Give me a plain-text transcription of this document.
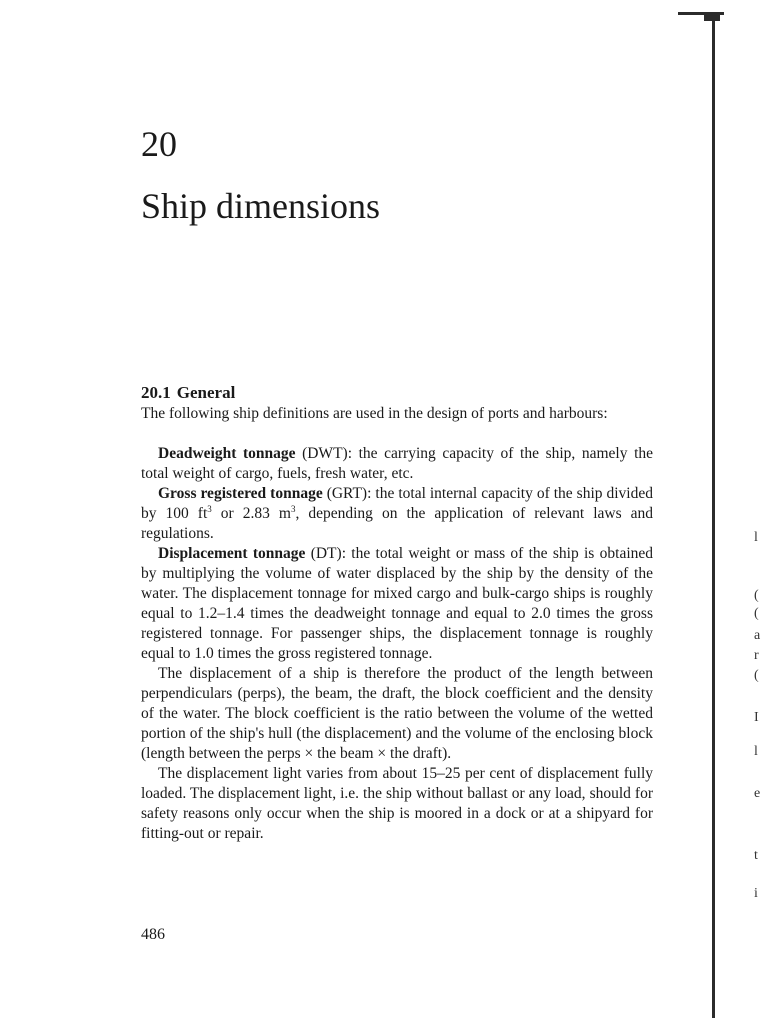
20
Ship dimensions
20.1 General

The following ship definitions are used in the design of ports and harbours:

Deadweight tonnage (DWT): the carrying capacity of the ship, namely the total weight of cargo, fuels, fresh water, etc.

Gross registered tonnage (GRT): the total internal capacity of the ship divided by 100 $ft^3$ or 2.83 $m^3$, depending on the application of relevant laws and regulations.

Displacement tonnage (DT): the total weight or mass of the ship is obtained by multiplying the volume of water displaced by the ship by the density of the water. The displacement tonnage for mixed cargo and bulk-cargo ships is roughly equal to 1.2–1.4 times the deadweight tonnage and equal to 2.0 times the gross registered tonnage. For passenger ships, the displacement tonnage is roughly equal to 1.0 times the gross registered tonnage.

The displacement of a ship is therefore the product of the length between perpendiculars (perps), the beam, the draft, the block coefficient and the density of the water. The block coefficient is the ratio between the volume of the wetted portion of the ship's hull (the displacement) and the volume of the enclosing block (length between the perps × the beam × the draft).

The displacement light varies from about 15–25 per cent of displacement fully loaded. The displacement light, i.e. the ship without ballast or any load, should for safety reasons only occur when the ship is moored in a dock or at a shipyard for fitting-out or repair.

486
l
(
(
a
r
(
I
l
e
t
i
